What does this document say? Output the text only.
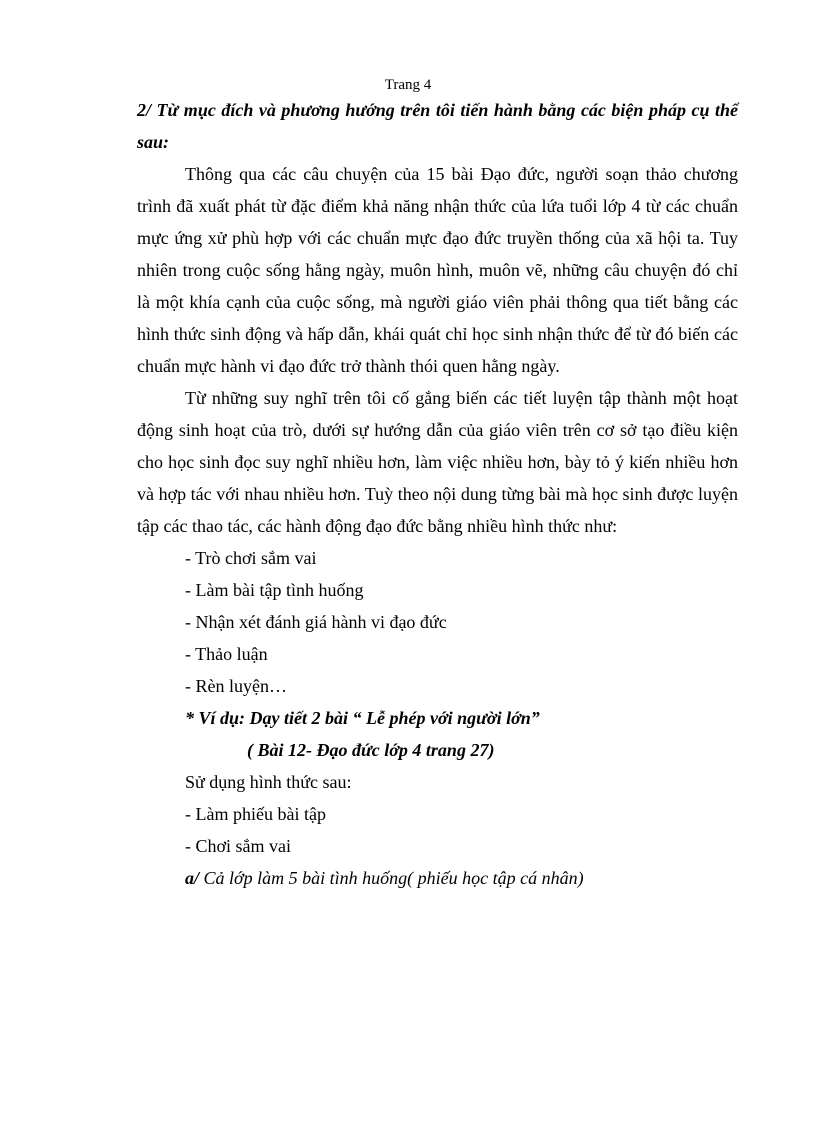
Trang 4

2/ Từ mục đích và phương hướng trên tôi tiến hành bằng các biện pháp cụ thể sau:

Thông qua các câu chuyện của 15 bài Đạo đức, người soạn thảo chương trình đã xuất phát từ đặc điểm khả năng nhận thức của lứa tuổi lớp 4 từ các chuẩn mực ứng xử phù hợp với các chuẩn mực đạo đức truyền thống của xã hội ta. Tuy nhiên trong cuộc sống hằng ngày, muôn hình, muôn vẽ, những câu chuyện đó chỉ là một khía cạnh của cuộc sống, mà người giáo viên phải thông qua tiết bằng các hình thức sinh động và hấp dẫn, khái quát chỉ học sinh nhận thức để từ đó biến các chuẩn mực hành vi đạo đức trở thành thói quen hằng ngày.

Từ những suy nghĩ trên tôi cố gắng biến các tiết luyện tập thành một hoạt động sinh hoạt của trò, dưới sự hướng dẫn của giáo viên trên cơ sở tạo điều kiện cho học sinh đọc suy nghĩ nhiều hơn, làm việc nhiều hơn, bày tỏ ý kiến nhiều hơn và hợp tác với nhau nhiều hơn. Tuỳ theo nội dung từng bài mà học sinh được luyện tập các thao tác, các hành động đạo đức bằng nhiều hình thức như:

- Trò chơi sắm vai
- Làm bài tập tình huống
- Nhận xét đánh giá hành vi đạo đức
- Thảo luận
- Rèn luyện…

* Ví dụ: Dạy tiết 2 bài “ Lễ phép với người lớn”

( Bài 12- Đạo đức lớp 4 trang 27)

Sử dụng hình thức sau:

- Làm phiếu bài tập
- Chơi sắm vai

a/ Cả lớp làm 5 bài tình huống( phiếu học tập cá nhân)
